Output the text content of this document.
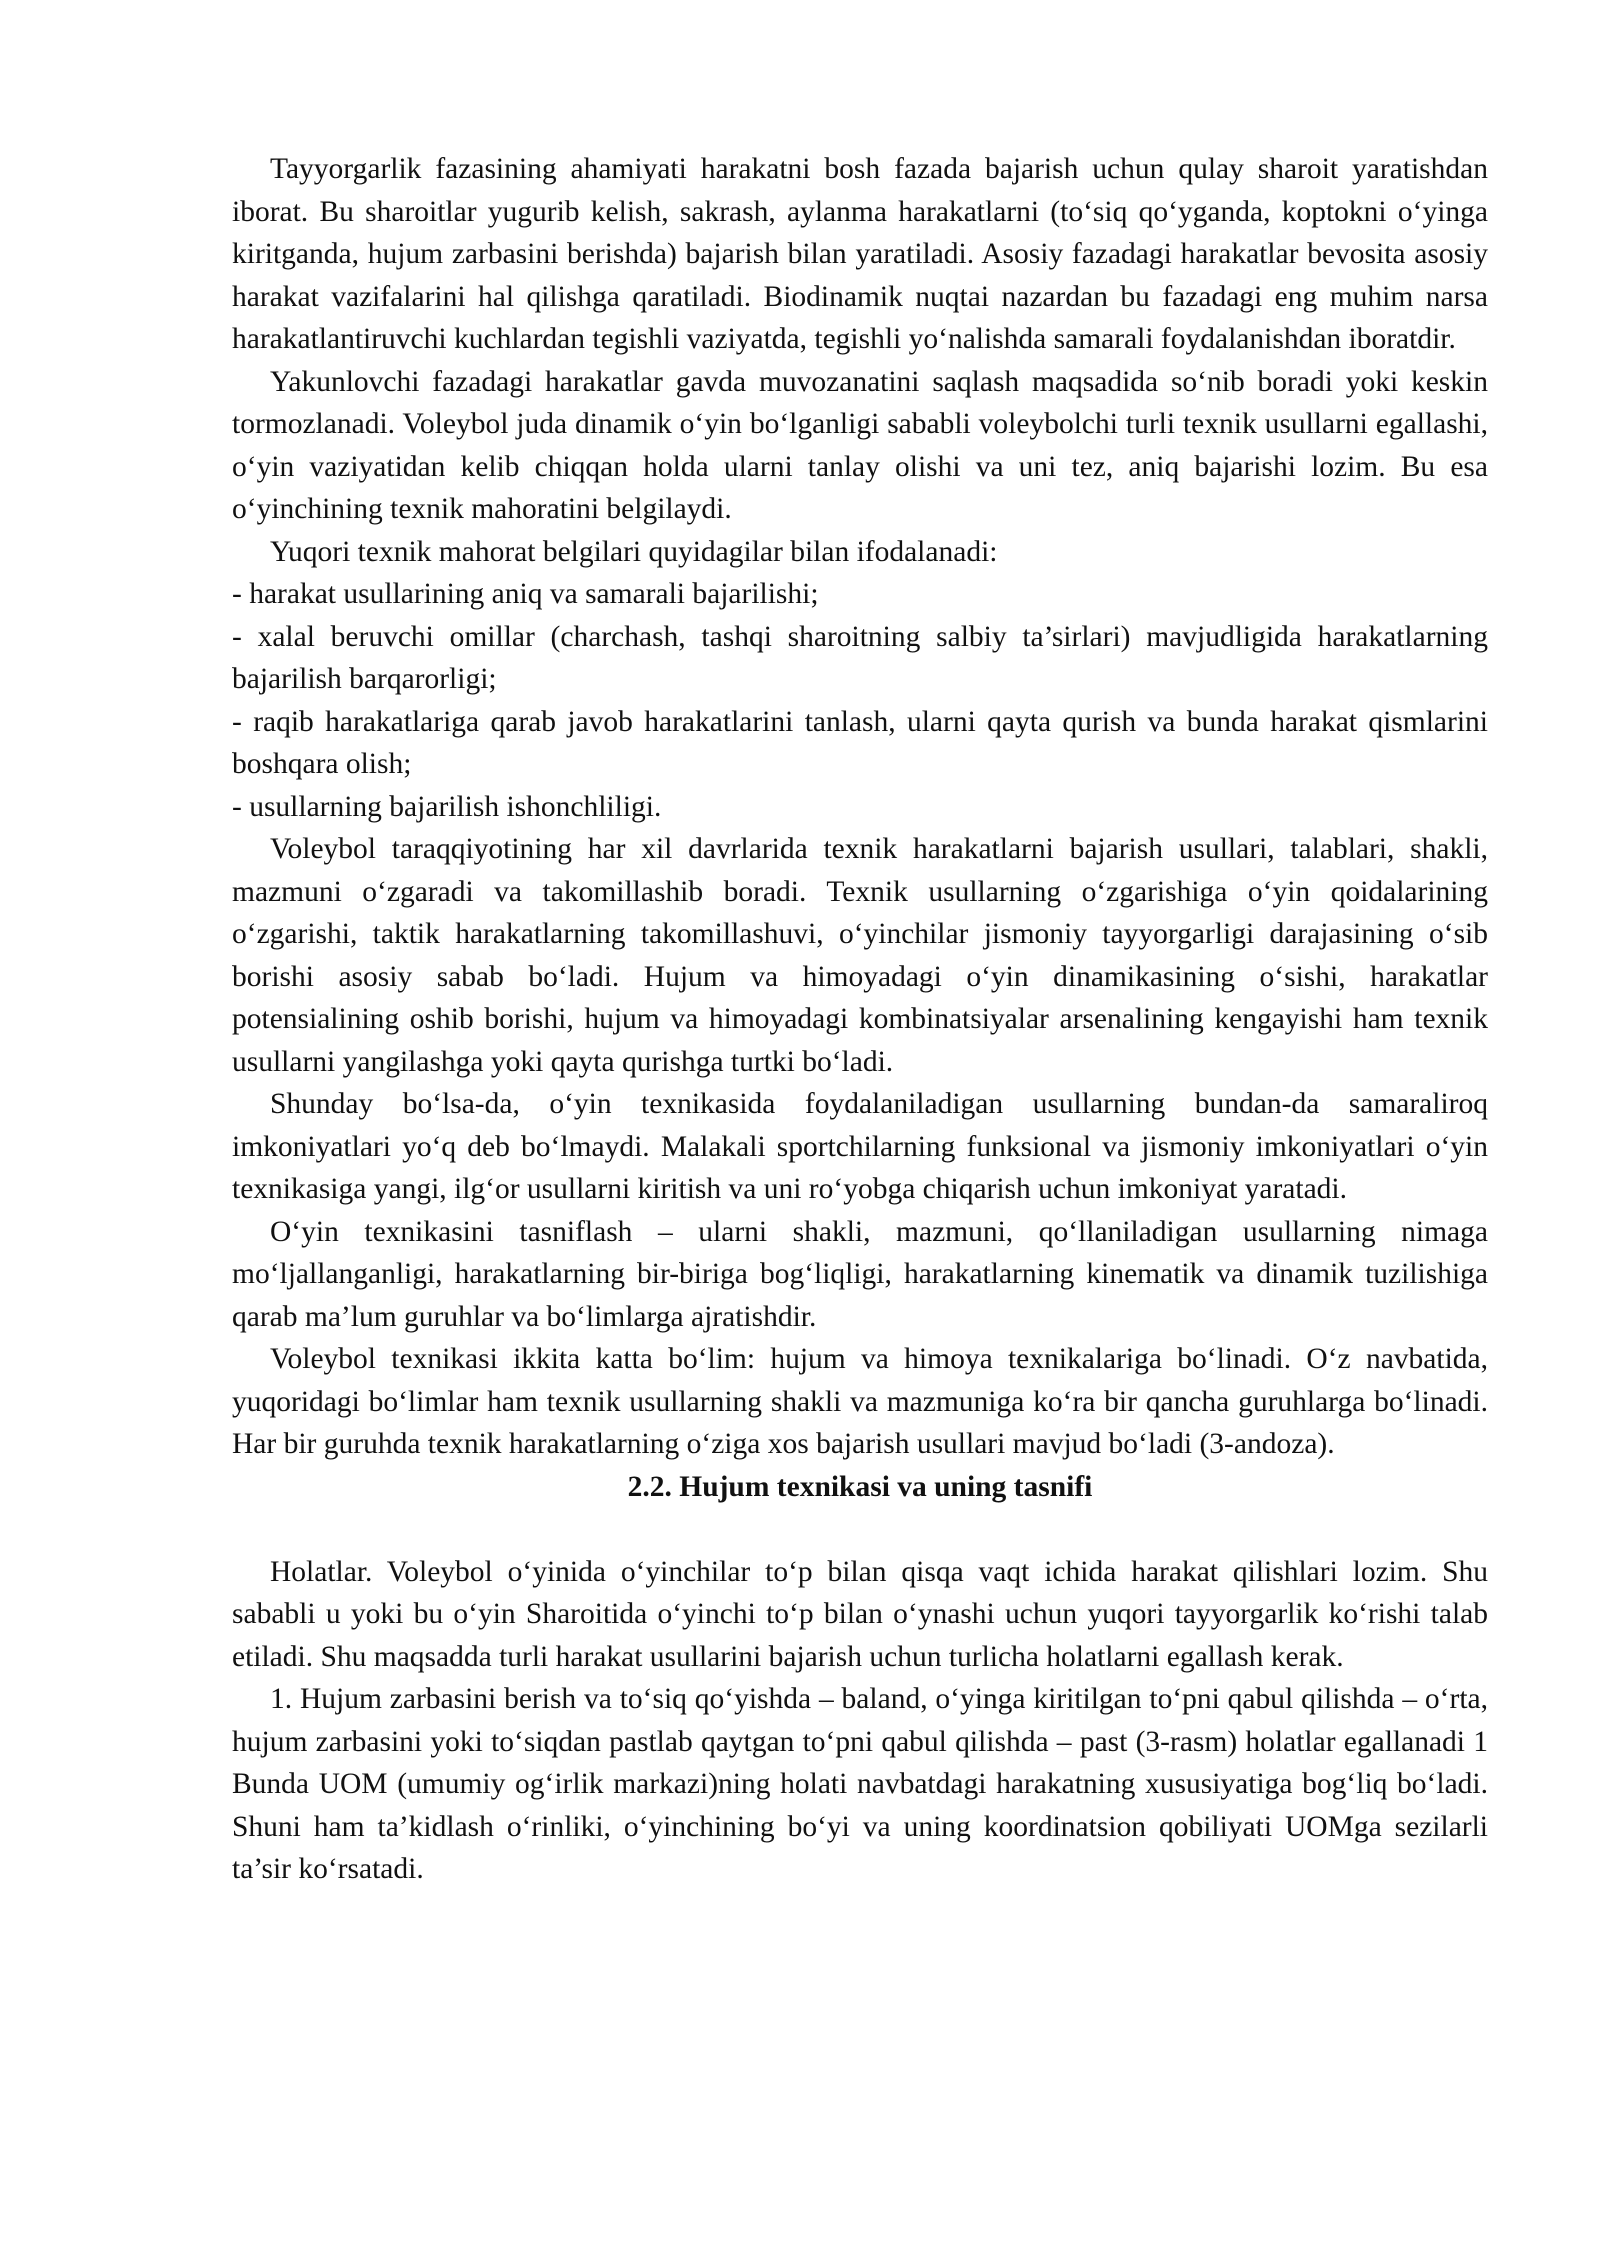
Tayyorgarlik fazasining ahamiyati harakatni bosh fazada bajarish uchun qulay sharoit yaratishdan iborat. Bu sharoitlar yugurib kelish, sakrash, aylanma harakatlarni (to‘siq qo‘yganda, koptokni o‘yinga kiritganda, hujum zarbasini berishda) bajarish bilan yaratiladi. Asosiy fazadagi harakatlar bevosita asosiy harakat vazifalarini hal qilishga qaratiladi. Biodinamik nuqtai nazardan bu fazadagi eng muhim narsa harakatlantiruvchi kuchlardan tegishli vaziyatda, tegishli yo‘nalishda samarali foydalanishdan iboratdir.

Yakunlovchi fazadagi harakatlar gavda muvozanatini saqlash maqsadida so‘nib boradi yoki keskin tormozlanadi. Voleybol juda dinamik o‘yin bo‘lganligi sababli voleybolchi turli texnik usullarni egallashi, o‘yin vaziyatidan kelib chiqqan holda ularni tanlay olishi va uni tez, aniq bajarishi lozim. Bu esa o‘yinchining texnik mahoratini belgilaydi.

Yuqori texnik mahorat belgilari quyidagilar bilan ifodalanadi:

- harakat usullarining aniq va samarali bajarilishi;

- xalal beruvchi omillar (charchash, tashqi sharoitning salbiy ta’sirlari) mavjudligida harakatlarning bajarilish barqarorligi;

- raqib harakatlariga qarab javob harakatlarini tanlash, ularni qayta qurish va bunda harakat qismlarini boshqara olish;

- usullarning bajarilish ishonchliligi.

Voleybol taraqqiyotining har xil davrlarida texnik harakatlarni bajarish usullari, talablari, shakli, mazmuni o‘zgaradi va takomillashib boradi. Texnik usullarning o‘zgarishiga o‘yin qoidalarining o‘zgarishi, taktik harakatlarning takomillashuvi, o‘yinchilar jismoniy tayyorgarligi darajasining o‘sib borishi asosiy sabab bo‘ladi. Hujum va himoyadagi o‘yin dinamikasining o‘sishi, harakatlar potensialining oshib borishi, hujum va himoyadagi kombinatsiyalar arsenalining kengayishi ham texnik usullarni yangilashga yoki qayta qurishga turtki bo‘ladi.

Shunday bo‘lsa-da, o‘yin texnikasida foydalaniladigan usullarning bundan-da samaraliroq imkoniyatlari yo‘q deb bo‘lmaydi. Malakali sportchilarning funksional va jismoniy imkoniyatlari o‘yin texnikasiga yangi, ilg‘or usullarni kiritish va uni ro‘yobga chiqarish uchun imkoniyat yaratadi.

O‘yin texnikasini tasniflash – ularni shakli, mazmuni, qo‘llaniladigan usullarning nimaga mo‘ljallanganligi, harakatlarning bir-biriga bog‘liqligi, harakatlarning kinematik va dinamik tuzilishiga qarab ma’lum guruhlar va bo‘limlarga ajratishdir.

Voleybol texnikasi ikkita katta bo‘lim: hujum va himoya texnikalariga bo‘linadi. O‘z navbatida, yuqoridagi bo‘limlar ham texnik usullarning shakli va mazmuniga ko‘ra bir qancha guruhlarga bo‘linadi. Har bir guruhda texnik harakatlarning o‘ziga xos bajarish usullari mavjud bo‘ladi (3-andoza).

2.2. Hujum texnikasi va uning tasnifi

Holatlar. Voleybol o‘yinida o‘yinchilar to‘p bilan qisqa vaqt ichida harakat qilishlari lozim. Shu sababli u yoki bu o‘yin Sharoitida o‘yinchi to‘p bilan o‘ynashi uchun yuqori tayyorgarlik ko‘rishi talab etiladi. Shu maqsadda turli harakat usullarini bajarish uchun turlicha holatlarni egallash kerak.

1. Hujum zarbasini berish va to‘siq qo‘yishda – baland, o‘yinga kiritilgan to‘pni qabul qilishda – o‘rta, hujum zarbasini yoki to‘siqdan pastlab qaytgan to‘pni qabul qilishda – past (3-rasm) holatlar egallanadi 1 Bunda UOM (umumiy og‘irlik markazi)ning holati navbatdagi harakatning xususiyatiga bog‘liq bo‘ladi. Shuni ham ta’kidlash o‘rinliki, o‘yinchining bo‘yi va uning koordinatsion qobiliyati UOMga sezilarli ta’sir ko‘rsatadi.
